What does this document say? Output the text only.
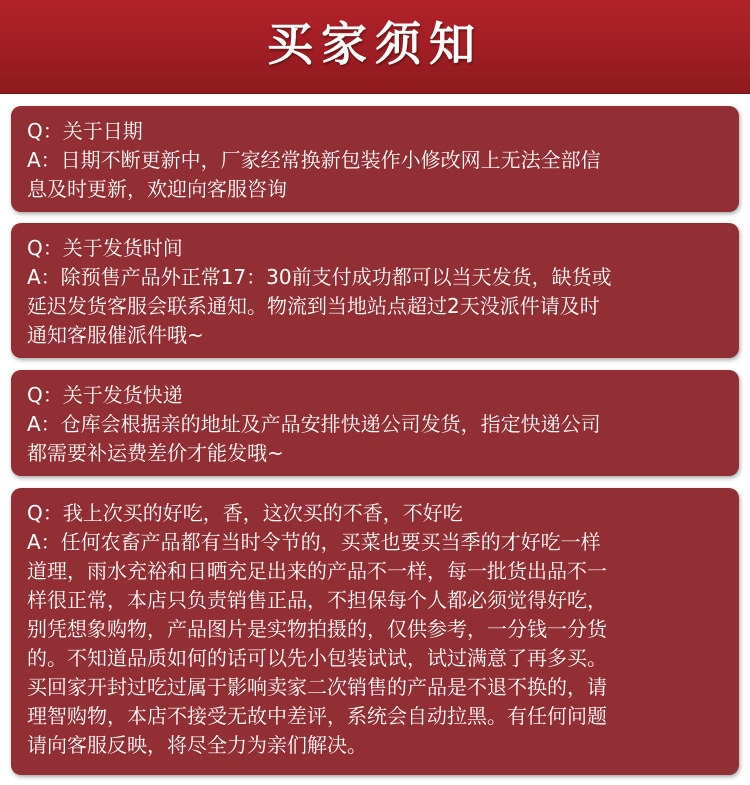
买家须知

Q：关于日期

A：日期不断更新中，厂家经常换新包装作小修改网上无法全部信

息及时更新，欢迎向客服咨询

Q：关于发货时间

A：除预售产品外正常17：30前支付成功都可以当天发货，缺货或

延迟发货客服会联系通知。物流到当地站点超过2天没派件请及时

通知客服催派件哦~

Q：关于发货快递

A：仓库会根据亲的地址及产品安排快递公司发货，指定快递公司

都需要补运费差价才能发哦~

Q：我上次买的好吃，香，这次买的不香，不好吃

A：任何农畜产品都有当时令节的，买菜也要买当季的才好吃一样

道理，雨水充裕和日晒充足出来的产品不一样，每一批货出品不一

样很正常，本店只负责销售正品，不担保每个人都必须觉得好吃，

别凭想象购物，产品图片是实物拍摄的，仅供参考，一分钱一分货

的。不知道品质如何的话可以先小包装试试，试过满意了再多买。

买回家开封过吃过属于影响卖家二次销售的产品是不退不换的，请

理智购物，本店不接受无故中差评，系统会自动拉黑。有任何问题

请向客服反映，将尽全力为亲们解决。
